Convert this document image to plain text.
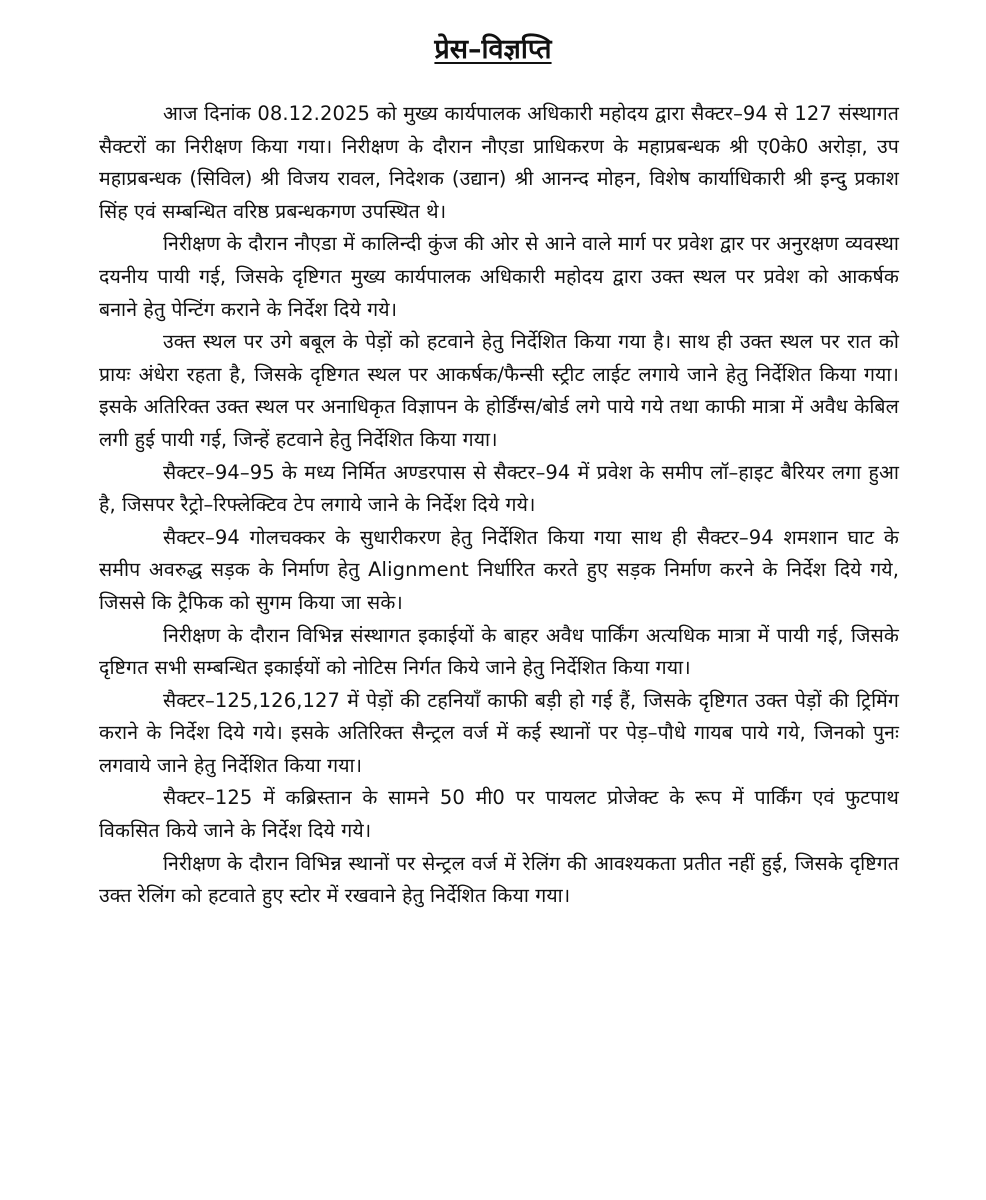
प्रेस–विज्ञप्ति

आज दिनांक 08.12.2025 को मुख्य कार्यपालक अधिकारी महोदय द्वारा सैक्टर–94 से 127 संस्थागत सैक्टरों का निरीक्षण किया गया। निरीक्षण के दौरान नौएडा प्राधिकरण के महाप्रबन्धक श्री ए0के0 अरोड़ा, उप महाप्रबन्धक (सिविल) श्री विजय रावल, निदेशक (उद्यान) श्री आनन्द मोहन, विशेष कार्याधिकारी श्री इन्दु प्रकाश सिंह एवं सम्बन्धित वरिष्ठ प्रबन्धकगण उपस्थित थे।

निरीक्षण के दौरान नौएडा में कालिन्दी कुंज की ओर से आने वाले मार्ग पर प्रवेश द्वार पर अनुरक्षण व्यवस्था दयनीय पायी गई, जिसके दृष्टिगत मुख्य कार्यपालक अधिकारी महोदय द्वारा उक्त स्थल पर प्रवेश को आकर्षक बनाने हेतु पेन्टिंग कराने के निर्देश दिये गये।

उक्त स्थल पर उगे बबूल के पेड़ों को हटवाने हेतु निर्देशित किया गया है। साथ ही उक्त स्थल पर रात को प्रायः अंधेरा रहता है, जिसके दृष्टिगत स्थल पर आकर्षक/फैन्सी स्ट्रीट लाईट लगाये जाने हेतु निर्देशित किया गया। इसके अतिरिक्त उक्त स्थल पर अनाधिकृत विज्ञापन के होर्डिंग्स/बोर्ड लगे पाये गये तथा काफी मात्रा में अवैध केबिल लगी हुई पायी गई, जिन्हें हटवाने हेतु निर्देशित किया गया।

सैक्टर–94–95 के मध्य निर्मित अण्डरपास से सैक्टर–94 में प्रवेश के समीप लॉ–हाइट बैरियर लगा हुआ है, जिसपर रैट्रो–रिफ्लेक्टिव टेप लगाये जाने के निर्देश दिये गये।

सैक्टर–94 गोलचक्कर के सुधारीकरण हेतु निर्देशित किया गया साथ ही सैक्टर–94 शमशान घाट के समीप अवरुद्ध सड़क के निर्माण हेतु Alignment निर्धारित करते हुए सड़क निर्माण करने के निर्देश दिये गये, जिससे कि ट्रैफिक को सुगम किया जा सके।

निरीक्षण के दौरान विभिन्न संस्थागत इकाईयों के बाहर अवैध पार्किंग अत्यधिक मात्रा में पायी गई, जिसके दृष्टिगत सभी सम्बन्धित इकाईयों को नोटिस निर्गत किये जाने हेतु निर्देशित किया गया।

सैक्टर–125,126,127 में पेड़ों की टहनियाँ काफी बड़ी हो गई हैं, जिसके दृष्टिगत उक्त पेड़ों की ट्रिमिंग कराने के निर्देश दिये गये। इसके अतिरिक्त सैन्ट्रल वर्ज में कई स्थानों पर पेड़–पौधे गायब पाये गये, जिनको पुनः लगवाये जाने हेतु निर्देशित किया गया।

सैक्टर–125 में कब्रिस्तान के सामने 50 मी0 पर पायलट प्रोजेक्ट के रूप में पार्किंग एवं फुटपाथ विकसित किये जाने के निर्देश दिये गये।

निरीक्षण के दौरान विभिन्न स्थानों पर सेन्ट्रल वर्ज में रेलिंग की आवश्यकता प्रतीत नहीं हुई, जिसके दृष्टिगत उक्त रेलिंग को हटवाते हुए स्टोर में रखवाने हेतु निर्देशित किया गया।
